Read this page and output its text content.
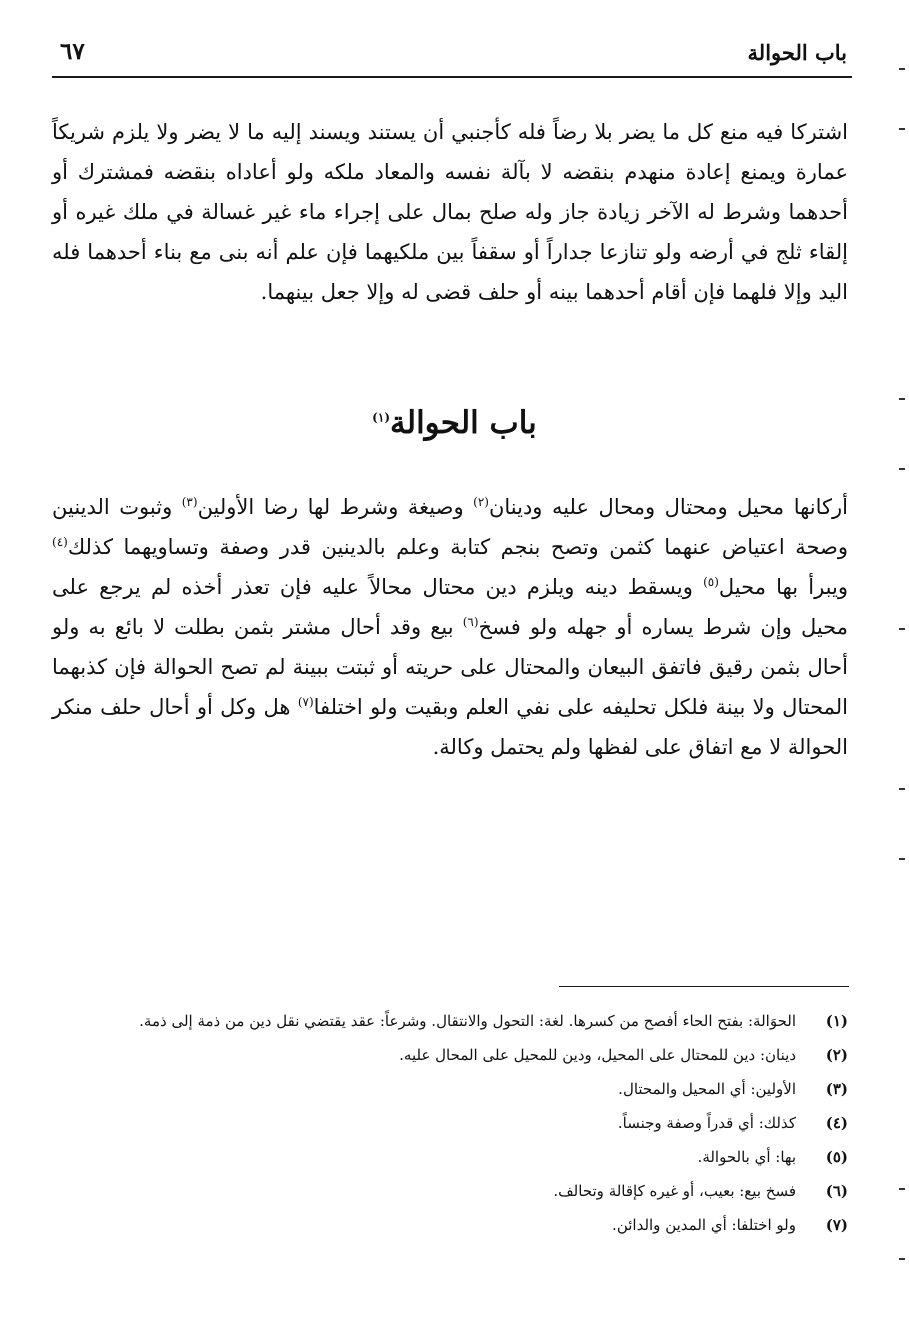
باب الحوالة
٦٧

اشتركا فيه منع كل ما يضر بلا رضاً فله كأجنبي أن يستند ويسند إليه ما لا يضر ولا يلزم شريكاً عمارة ويمنع إعادة منهدم بنقضه لا بآلة نفسه والمعاد ملكه ولو أعاداه بنقضه فمشترك أو أحدهما وشرط له الآخر زيادة جاز وله صلح بمال على إجراء ماء غير غسالة في ملك غيره أو إلقاء ثلج في أرضه ولو تنازعا جداراً أو سقفاً بين ملكيهما فإن علم أنه بنى مع بناء أحدهما فله اليد وإلا فلهما فإن أقام أحدهما بينه أو حلف قضى له وإلا جعل بينهما.

باب الحوالة$^{(١)}$

أركانها محيل ومحتال ومحال عليه ودينان$^{(٢)}$ وصيغة وشرط لها رضا الأولين$^{(٣)}$ وثبوت الدينين وصحة اعتياض عنهما كثمن وتصح بنجم كتابة وعلم بالدينين قدر وصفة وتساويهما كذلك$^{(٤)}$ ويبرأ بها محيل$^{(٥)}$ ويسقط دينه ويلزم دين محتال محالاً عليه فإن تعذر أخذه لم يرجع على محيل وإن شرط يساره أو جهله ولو فسخ$^{(٦)}$ بيع وقد أحال مشتر بثمن بطلت لا بائع به ولو أحال بثمن رقيق فاتفق البيعان والمحتال على حريته أو ثبتت ببينة لم تصح الحوالة فإن كذبهما المحتال ولا بينة فلكل تحليفه على نفي العلم وبقيت ولو اختلفا$^{(٧)}$ هل وكل أو أحال حلف منكر الحوالة لا مع اتفاق على لفظها ولم يحتمل وكالة.

(١)
الحوَالة: بفتح الحاء أفصح من كسرها. لغة: التحول والانتقال. وشرعاً: عقد يقتضي نقل دين من ذمة إلى ذمة.
(٢)
دينان: دين للمحتال على المحيل، ودين للمحيل على المحال عليه.
(٣)
الأولين: أي المحيل والمحتال.
(٤)
كذلك: أي قدراً وصفة وجنساً.
(٥)
بها: أي بالحوالة.
(٦)
فسخ بيع: بعيب، أو غيره كإقالة وتحالف.
(٧)
ولو اختلفا: أي المدين والدائن.
